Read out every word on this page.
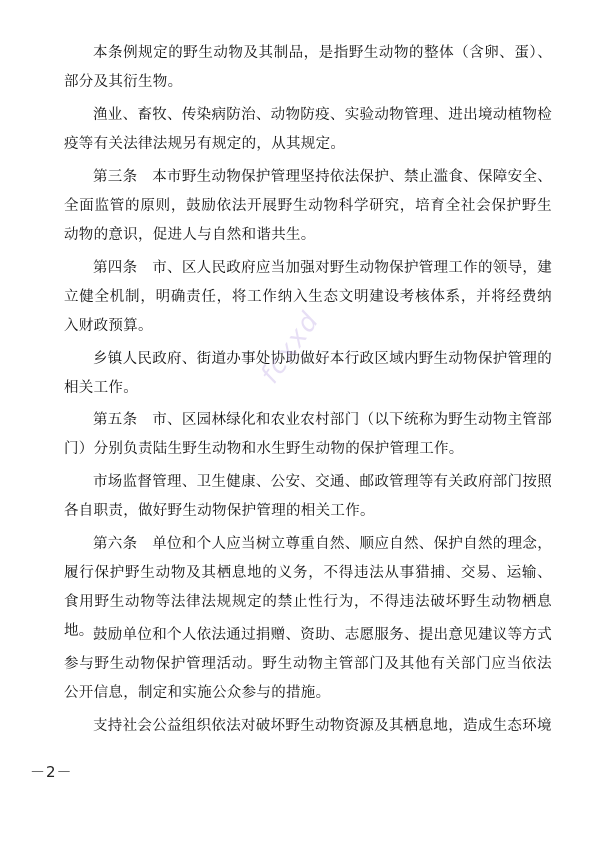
本条例规定的野生动物及其制品，是指野生动物的整体（含卵、蛋）、部分及其衍生物。

渔业、畜牧、传染病防治、动物防疫、实验动物管理、进出境动植物检疫等有关法律法规另有规定的，从其规定。

第三条　本市野生动物保护管理坚持依法保护、禁止滥食、保障安全、全面监管的原则，鼓励依法开展野生动物科学研究，培育全社会保护野生动物的意识，促进人与自然和谐共生。

第四条　市、区人民政府应当加强对野生动物保护管理工作的领导，建立健全机制，明确责任，将工作纳入生态文明建设考核体系，并将经费纳入财政预算。

乡镇人民政府、街道办事处协助做好本行政区域内野生动物保护管理的相关工作。

第五条　市、区园林绿化和农业农村部门（以下统称为野生动物主管部门）分别负责陆生野生动物和水生野生动物的保护管理工作。

市场监督管理、卫生健康、公安、交通、邮政管理等有关政府部门按照各自职责，做好野生动物保护管理的相关工作。

第六条　单位和个人应当树立尊重自然、顺应自然、保护自然的理念，履行保护野生动物及其栖息地的义务，不得违法从事猎捕、交易、运输、食用野生动物等法律法规规定的禁止性行为，不得违法破坏野生动物栖息地。 鼓励单位和个人依法通过捐赠、资助、志愿服务、提出意见建议等方式参与野生动物保护管理活动。野生动物主管部门及其他有关部门应当依法公开信息，制定和实施公众参与的措施。

支持社会公益组织依法对破坏野生动物资源及其栖息地，造成生态环境

fcxxd
－2－
